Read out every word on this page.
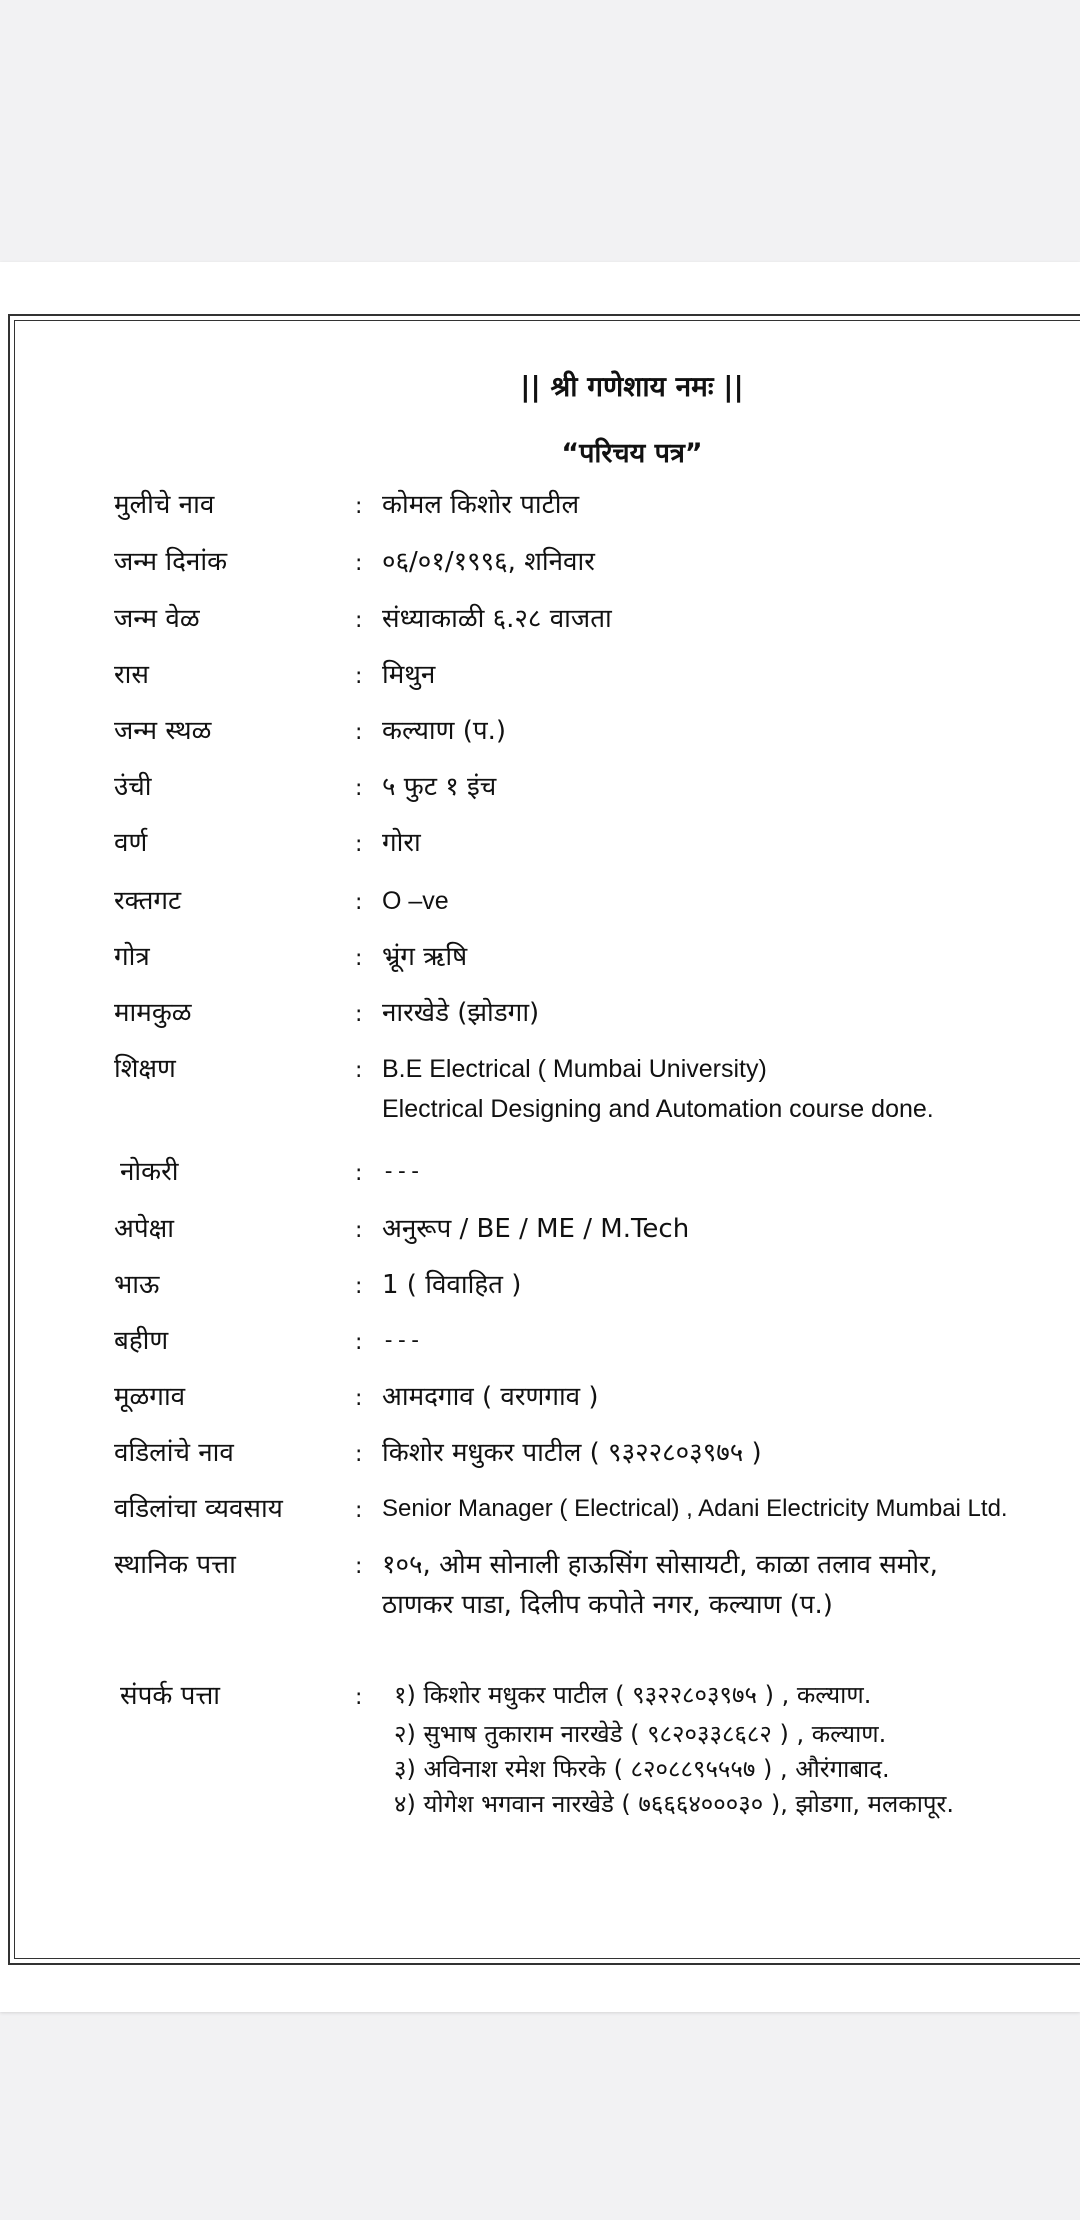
|| श्री गणेशाय नमः ||
“परिचय पत्र”
मुलीचे नाव	: कोमल किशोर पाटील
जन्म दिनांक	: ०६/०१/१९९६, शनिवार
जन्म वेळ	: संध्याकाळी ६.२८ वाजता
रास	: मिथुन
जन्म स्थळ	: कल्याण (प.)
उंची	: ५ फुट १ इंच
वर्ण	: गोरा
रक्तगट	: O –ve
गोत्र	: भ्रूंग ऋषि
मामकुळ	: नारखेडे (झोडगा)
शिक्षण	: B.E Electrical ( Mumbai University)
Electrical Designing and Automation course done.
नोकरी	: ---
अपेक्षा	: अनुरूप / BE / ME / M.Tech
भाऊ	: 1 ( विवाहित )
बहीण	: ---
मूळगाव	: आमदगाव ( वरणगाव )
वडिलांचे नाव	: किशोर मधुकर पाटील ( ९३२२८०३९७५ )
वडिलांचा व्यवसाय	: Senior Manager ( Electrical) , Adani Electricity Mumbai Ltd.
स्थानिक पत्ता	: १०५, ओम सोनाली हाऊसिंग सोसायटी, काळा तलाव समोर,
ठाणकर पाडा, दिलीप कपोते नगर, कल्याण (प.)
संपर्क पत्ता	: १) किशोर मधुकर पाटील ( ९३२२८०३९७५ ) , कल्याण.
२) सुभाष तुकाराम नारखेडे ( ९८२०३३८६८२ ) , कल्याण.
३) अविनाश रमेश फिरके ( ८२०८८९५५५७ ) , औरंगाबाद.
४) योगेश भगवान नारखेडे ( ७६६६४०००३० ), झोडगा, मलकापूर.
